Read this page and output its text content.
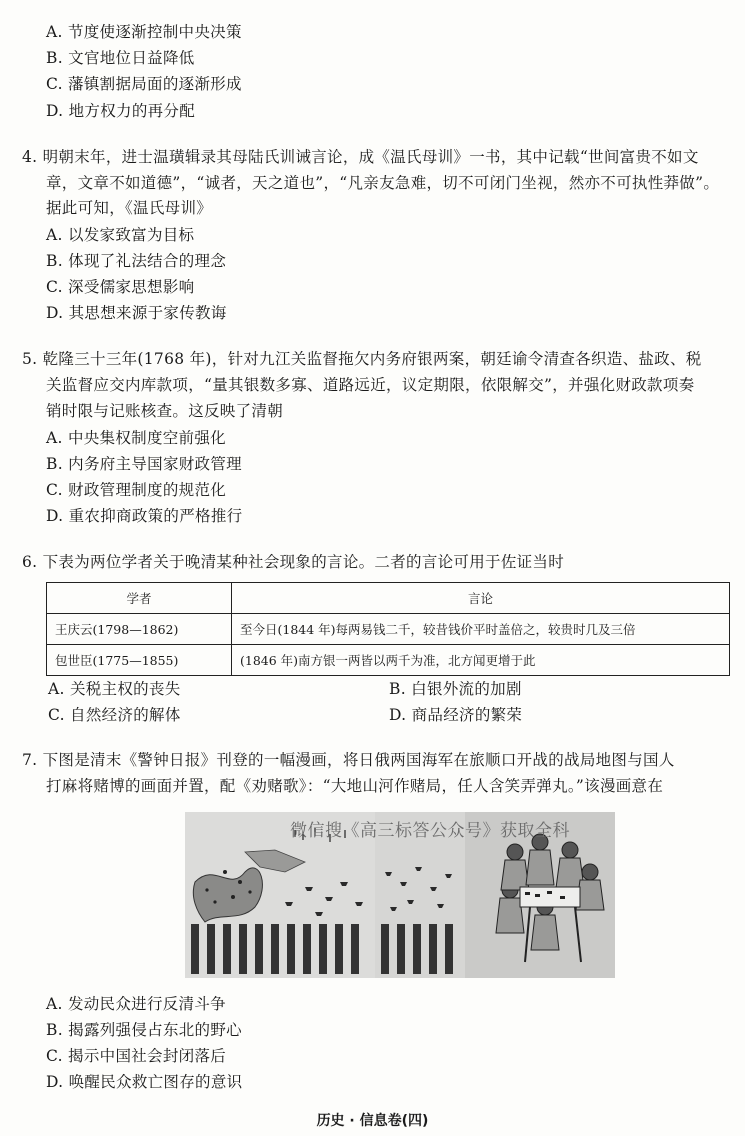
A. 节度使逐渐控制中央决策
B. 文官地位日益降低
C. 藩镇割据局面的逐渐形成
D. 地方权力的再分配
4. 明朝末年，进士温璜辑录其母陆氏训诫言论，成《温氏母训》一书，其中记载“世间富贵不如文
章，文章不如道德”，“诚者，天之道也”，“凡亲友急难，切不可闭门坐视，然亦不可执性莽做”。
据此可知，《温氏母训》
A. 以发家致富为目标
B. 体现了礼法结合的理念
C. 深受儒家思想影响
D. 其思想来源于家传教诲
5. 乾隆三十三年(1768 年)，针对九江关监督拖欠内务府银两案，朝廷谕令清查各织造、盐政、税
关监督应交内库款项，“量其银数多寡、道路远近，议定期限，依限解交”，并强化财政款项奏
销时限与记账核查。这反映了清朝
A. 中央集权制度空前强化
B. 内务府主导国家财政管理
C. 财政管理制度的规范化
D. 重农抑商政策的严格推行
6. 下表为两位学者关于晚清某种社会现象的言论。二者的言论可用于佐证当时
学者	言论
王庆云(1798—1862)	至今日(1844 年)每两易钱二千，较昔钱价平时盖倍之，较贵时几及三倍
包世臣(1775—1855)	(1846 年)南方银一两皆以两千为准，北方闻更增于此
A. 关税主权的丧失	B. 白银外流的加剧
C. 自然经济的解体	D. 商品经济的繁荣
7. 下图是清末《警钟日报》刊登的一幅漫画，将日俄两国海军在旅顺口开战的战局地图与国人
打麻将赌博的画面并置，配《劝赌歌》：“大地山河作赌局，任人含笑弄弹丸。”该漫画意在
微信搜《高三标答公众号》获取全科
A. 发动民众进行反清斗争
B. 揭露列强侵占东北的野心
C. 揭示中国社会封闭落后
D. 唤醒民众救亡图存的意识
历史 · 信息卷(四)
